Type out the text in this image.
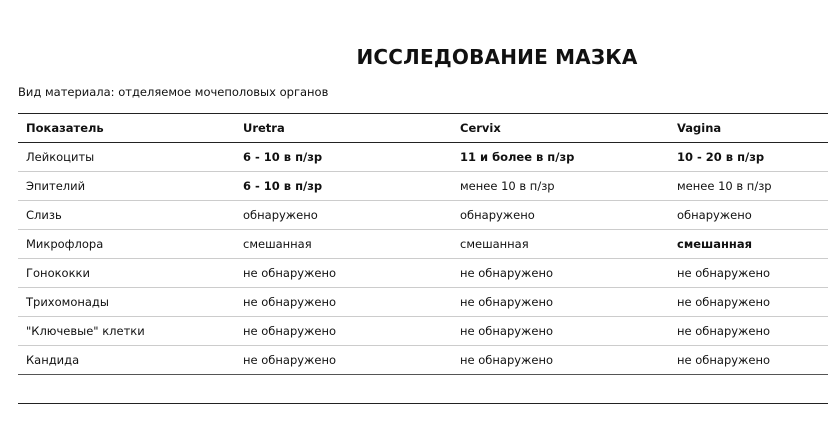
ИССЛЕДОВАНИЕ МАЗКА
Вид материала: отделяемое мочеполовых органов
Показатель	Uretra	Cervix	Vagina
Лейкоциты	6 - 10 в п/зр	11 и более в п/зр	10 - 20 в п/зр
Эпителий	6 - 10 в п/зр	менее 10 в п/зр	менее 10 в п/зр
Слизь	обнаружено	обнаружено	обнаружено
Микрофлора	смешанная	смешанная	смешанная
Гонококки	не обнаружено	не обнаружено	не обнаружено
Трихомонады	не обнаружено	не обнаружено	не обнаружено
"Ключевые" клетки	не обнаружено	не обнаружено	не обнаружено
Кандида	не обнаружено	не обнаружено	не обнаружено
